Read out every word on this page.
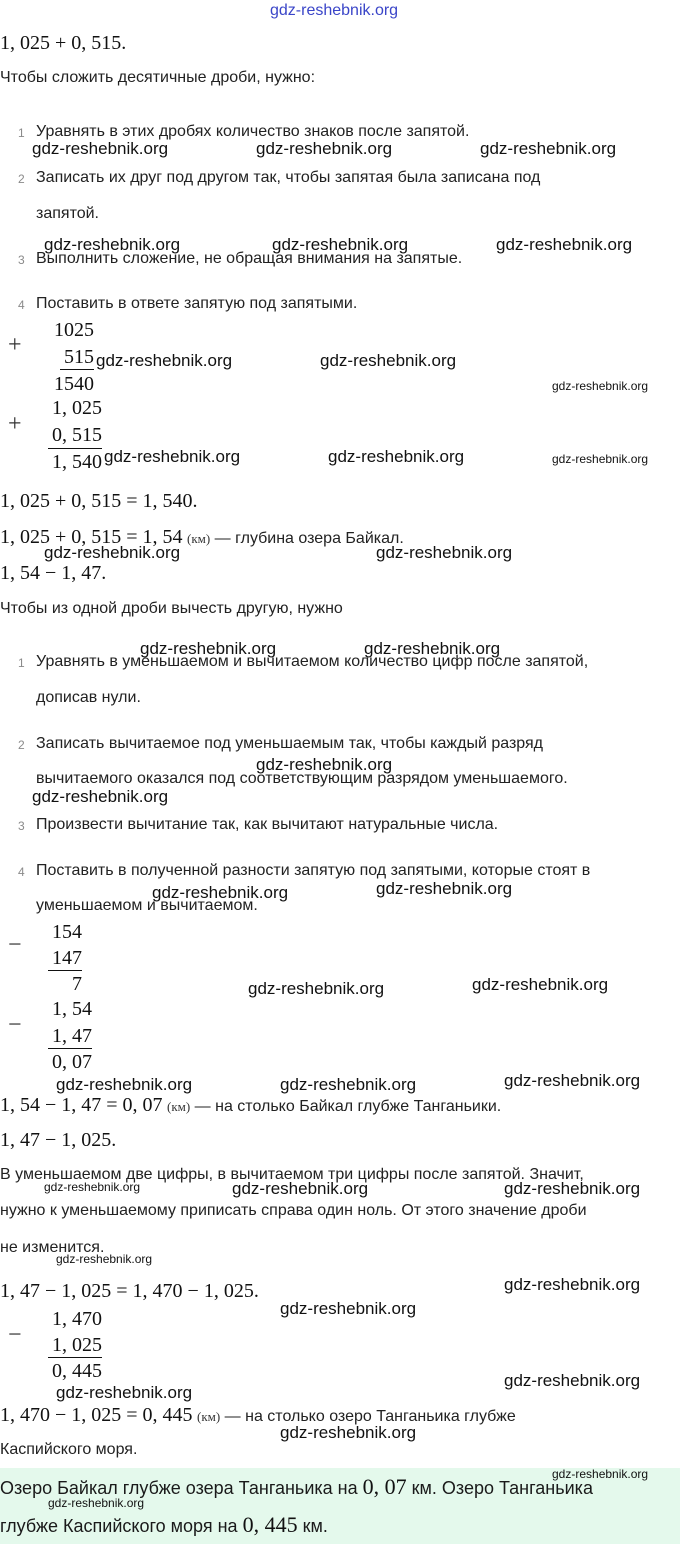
gdz-reshebnik.org
1, 025 + 0, 515.
Чтобы сложить десятичные дроби, нужно:
1 Уравнять в этих дробях количество знаков после запятой.
2 Записать их друг под другом так, чтобы запятая была записана под
запятой.
3 Выполнить сложение, не обращая внимания на запятые.
4 Поставить в ответе запятую под запятыми.
+
1025
515
1540
+
1, 025
0, 515
1, 540
1, 025 + 0, 515 = 1, 540.
1, 025 + 0, 515 = 1, 54 (км) — глубина озера Байкал.
1, 54 − 1, 47.
Чтобы из одной дроби вычесть другую, нужно
1 Уравнять в уменьшаемом и вычитаемом количество цифр после запятой,
дописав нули.
2 Записать вычитаемое под уменьшаемым так, чтобы каждый разряд
вычитаемого оказался под соответствующим разрядом уменьшаемого.
3 Произвести вычитание так, как вычитают натуральные числа.
4 Поставить в полученной разности запятую под запятыми, которые стоят в
уменьшаемом и вычитаемом.
−	154
147
7
−
1, 54
1, 47
0, 07
1, 54 − 1, 47 = 0, 07 (км) — на столько Байкал глубже Танганьики.
1, 47 − 1, 025.
В уменьшаемом две цифры, в вычитаемом три цифры после запятой. Значит,
нужно к уменьшаемому приписать справа один ноль. От этого значение дроби
не изменится.
1, 47 − 1, 025 = 1, 470 − 1, 025.
−
1, 470
1, 025
0, 445
1, 470 − 1, 025 = 0, 445 (км) — на столько озеро Танганьика глубже
Каспийского моря.
Озеро Байкал глубже озера Танганьика на 0, 07 км. Озеро Танганьика
глубже Каспийского моря на 0, 445 км.
gdz-reshebnik.org	gdz-reshebnik.org	gdz-reshebnik.org
gdz-reshebnik.org	gdz-reshebnik.org	gdz-reshebnik.org
gdz-reshebnik.org	gdz-reshebnik.org
gdz-reshebnik.org
gdz-reshebnik.org	gdz-reshebnik.org	gdz-reshebnik.org
gdz-reshebnik.org	gdz-reshebnik.org
gdz-reshebnik.org	gdz-reshebnik.org
gdz-reshebnik.org
gdz-reshebnik.org
gdz-reshebnik.org	gdz-reshebnik.org
gdz-reshebnik.org	gdz-reshebnik.org
gdz-reshebnik.org	gdz-reshebnik.org	gdz-reshebnik.org
gdz-reshebnik.org	gdz-reshebnik.org	gdz-reshebnik.org
gdz-reshebnik.org
gdz-reshebnik.org
gdz-reshebnik.org
gdz-reshebnik.org
gdz-reshebnik.org
gdz-reshebnik.org
gdz-reshebnik.org
gdz-reshebnik.org
